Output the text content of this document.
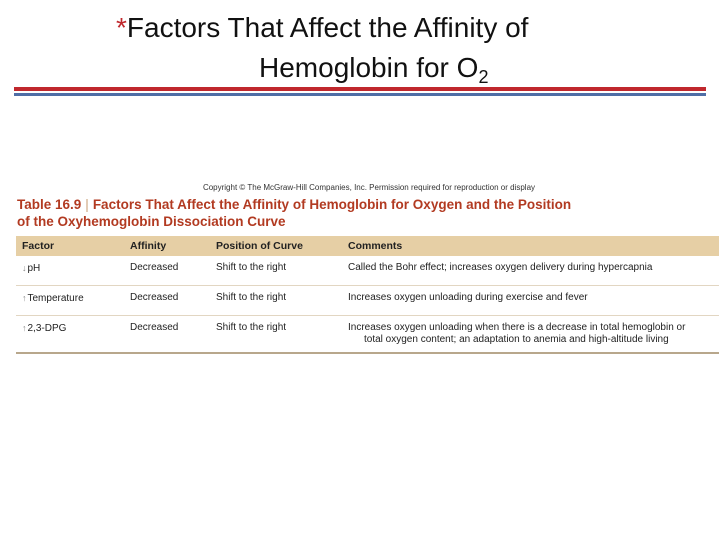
*Factors That Affect the Affinity of
Hemoglobin for $O_2$
Copyright © The McGraw-Hill Companies, Inc. Permission required for reproduction or display
Table 16.9 | Factors That Affect the Affinity of Hemoglobin for Oxygen and the Position
of the Oxyhemoglobin Dissociation Curve
Factor	Affinity	Position of Curve	Comments
↓pH	Decreased	Shift to the right	Called the Bohr effect; increases oxygen delivery during hypercapnia
↑Temperature	Decreased	Shift to the right	Increases oxygen unloading during exercise and fever
↑2,3-DPG	Decreased	Shift to the right	Increases oxygen unloading when there is a decrease in total hemoglobin or
total oxygen content; an adaptation to anemia and high-altitude living
